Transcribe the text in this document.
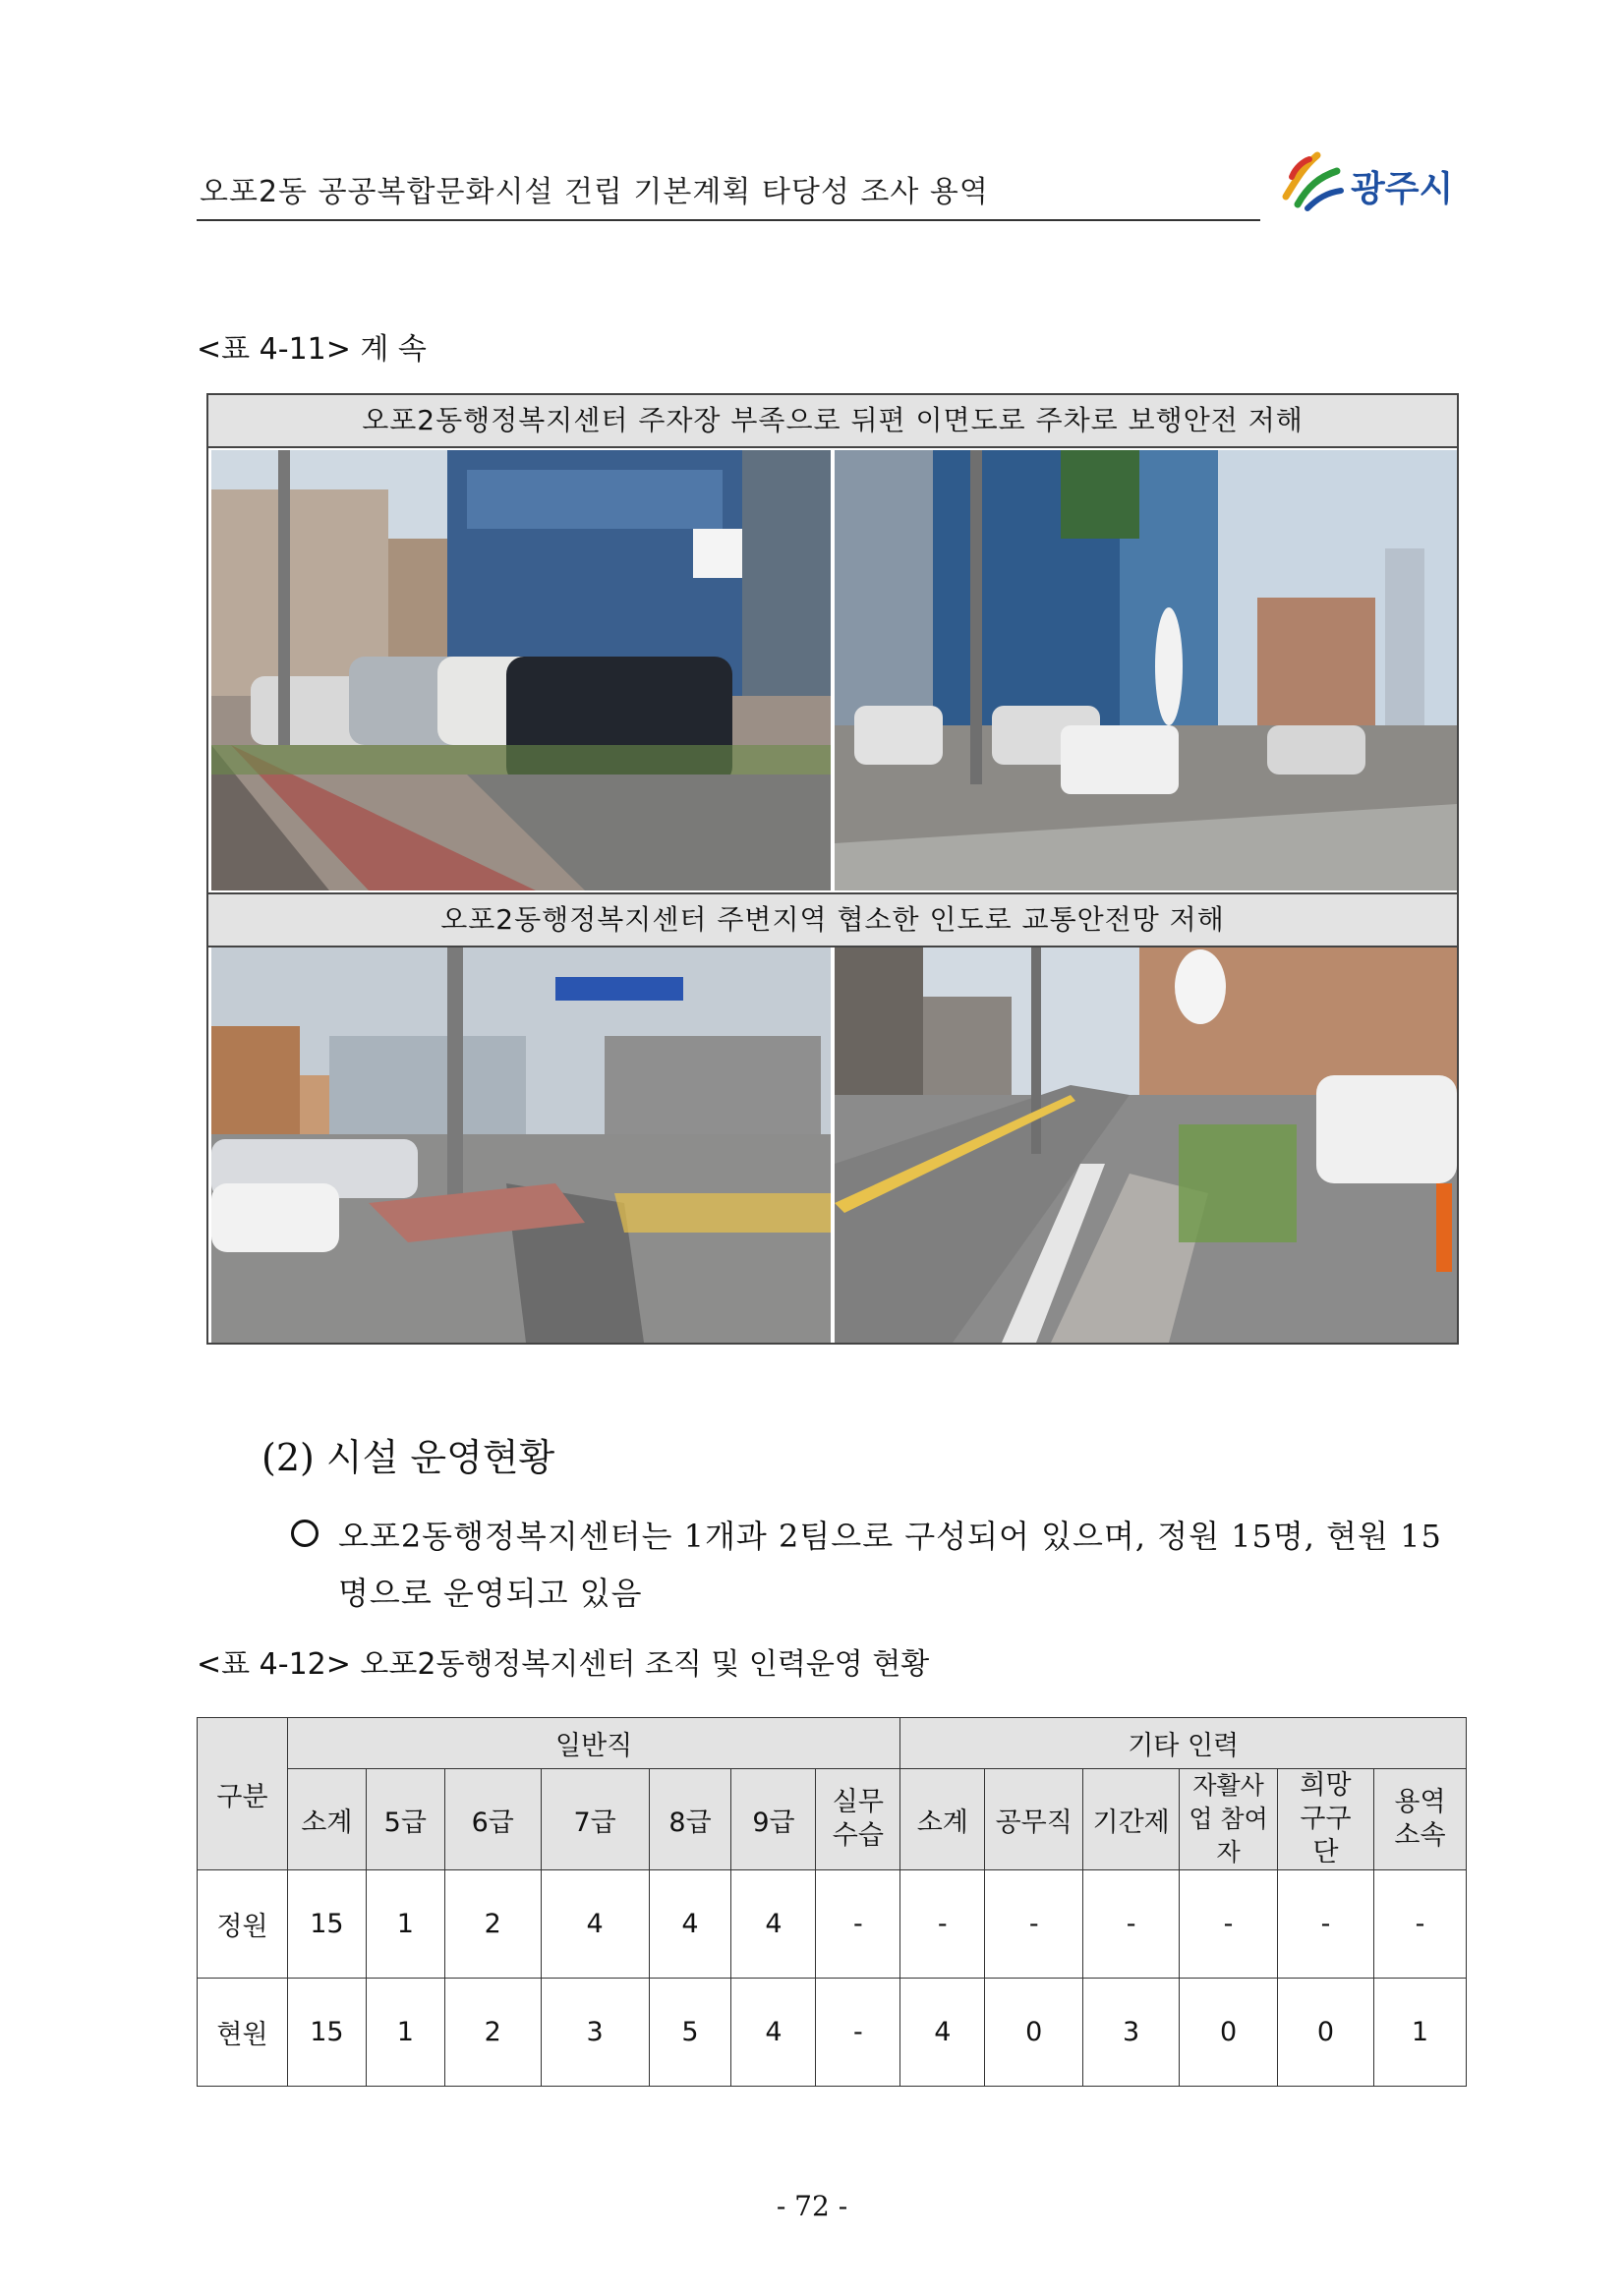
오포2동 공공복합문화시설 건립 기본계획 타당성 조사 용역	광주시
<표 4-11> 계 속
오포2동행정복지센터 주자장 부족으로 뒤편 이면도로 주차로 보행안전 저해
오포2동행정복지센터 주변지역 협소한 인도로 교통안전망 저해
(2) 시설 운영현황
오포2동행정복지센터는 1개과 2팀으로 구성되어 있으며, 정원 15명, 현원 15 명으로 운영되고 있음
<표 4-12> 오포2동행정복지센터 조직 및 인력운영 현황
구분	일반직							기타 인력					
	소계	5급	6급	7급	8급	9급	실무 수습	소계	공무직	기간제	자활사업 참여자	희망 구구단	용역 소속
정원	15	1	2	4	4	4	-	-	-	-	-	-	-
현원	15	1	2	3	5	4	-	4	0	3	0	0	1
- 72 -
